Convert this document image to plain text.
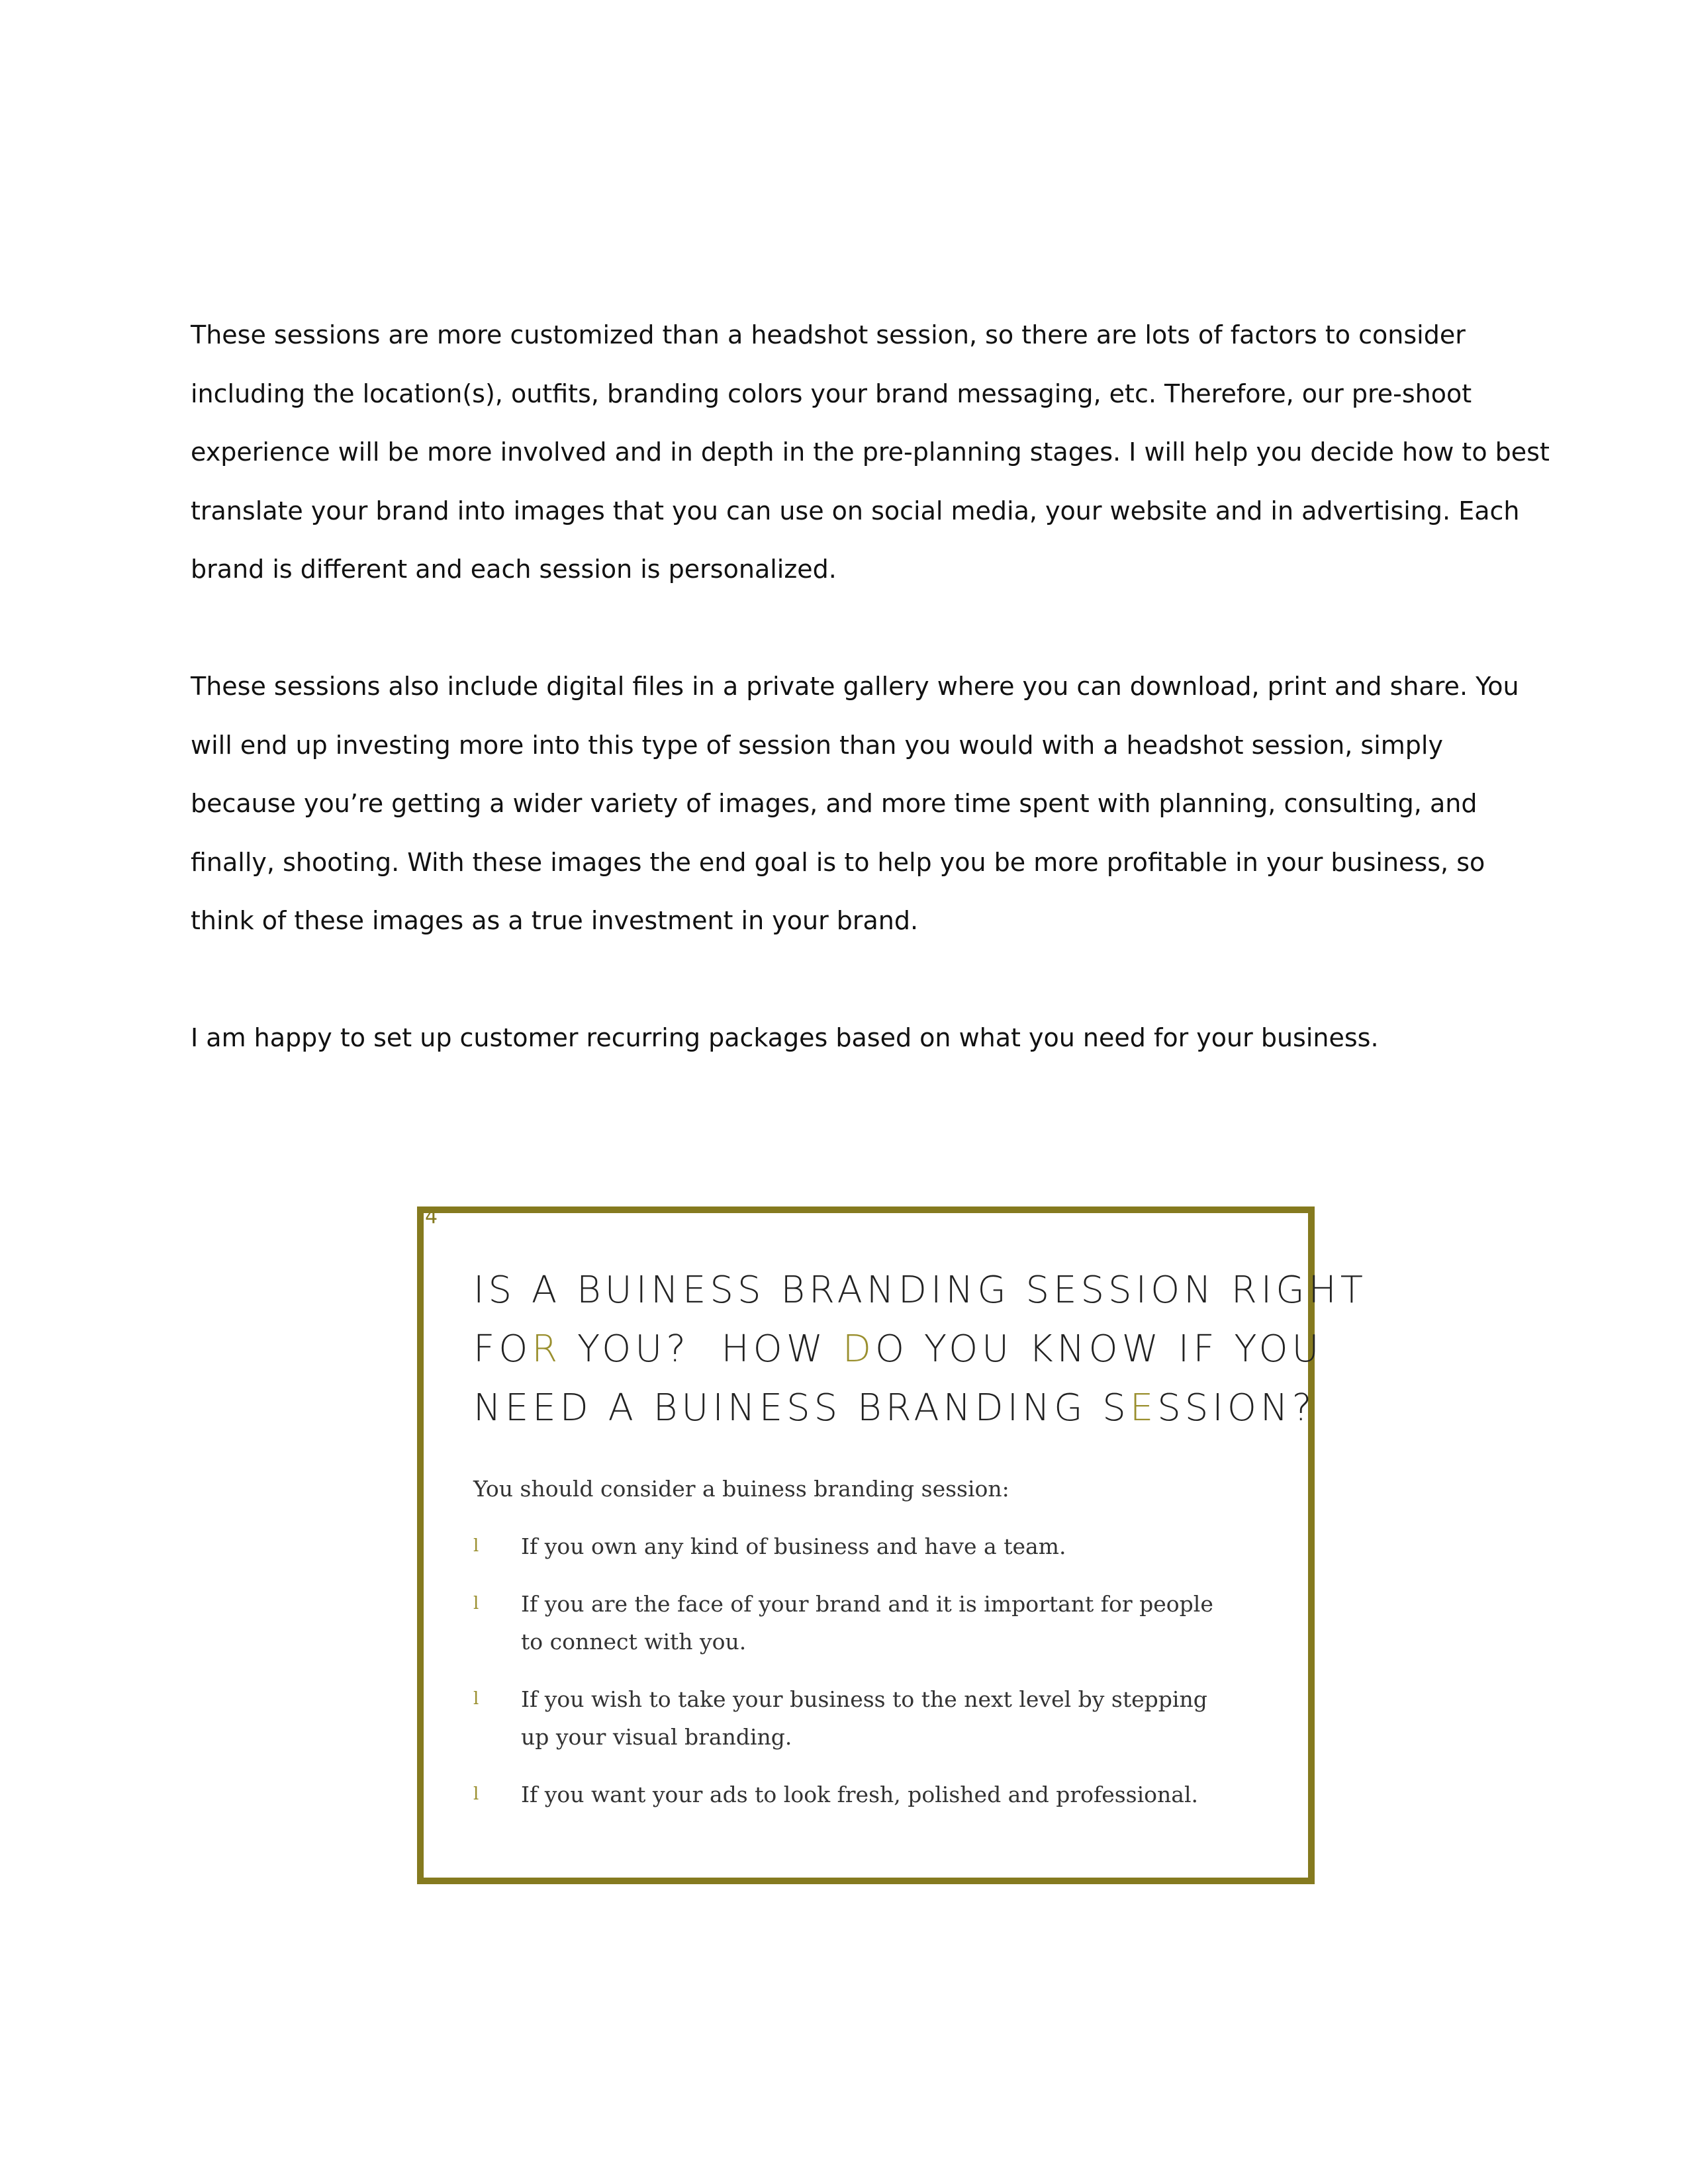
These sessions are more customized than a headshot session, so there are lots of factors to consider including the location(s), outfits, branding colors your brand messaging, etc. Therefore, our pre-shoot experience will be more involved and in depth in the pre-planning stages. I will help you decide how to best translate your brand into images that you can use on social media, your website and in advertising. Each brand is different and each session is personalized.

These sessions also include digital files in a private gallery where you can download, print and share. You will end up investing more into this type of session than you would with a headshot session, simply because you’re getting a wider variety of images, and more time spent with planning, consulting, and finally, shooting. With these images the end goal is to help you be more profitable in your business, so think of these images as a true investment in your brand.

I am happy to set up customer recurring packages based on what you need for your business.

4
IS A BUINESS BRANDING SESSION RIGHT
FOR YOU?  HOW DO YOU KNOW IF YOU
NEED A BUINESS BRANDING SESSION?
You should consider a buiness branding session:
l If you own any kind of business and have a team.
l If you are the face of your brand and it is important for people to connect with you.
l If you wish to take your business to the next level by stepping up your visual branding.
l If you want your ads to look fresh, polished and professional.
